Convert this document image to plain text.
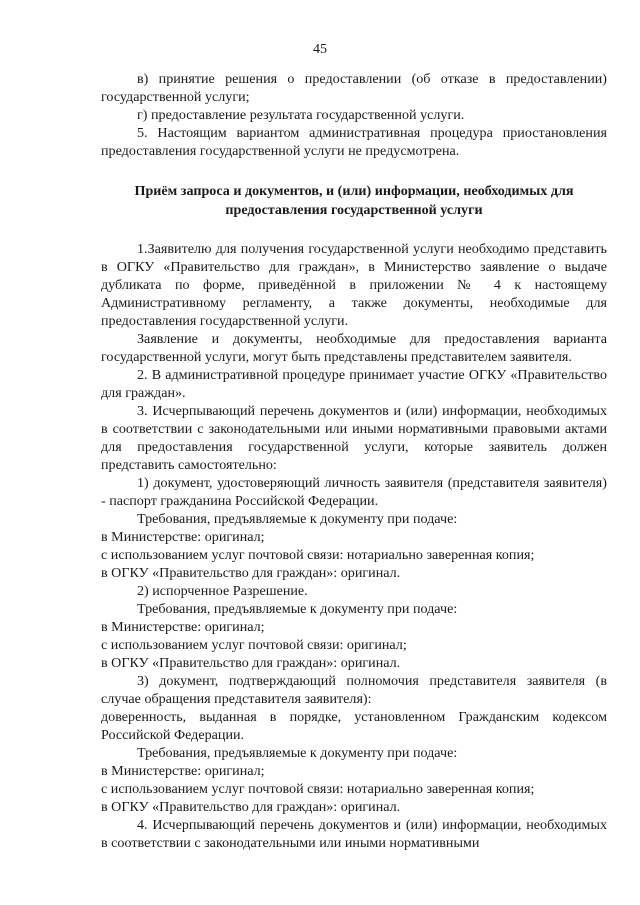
45

в) принятие решения о предоставлении (об отказе в предоставлении) государственной услуги;

г) предоставление результата государственной услуги.

5. Настоящим вариантом административная процедура приостановления предоставления государственной услуги не предусмотрена.

Приём запроса и документов, и (или) информации, необходимых для предоставления государственной услуги

1.Заявителю для получения государственной услуги необходимо представить в ОГКУ «Правительство для граждан», в Министерство заявление о выдаче дубликата по форме, приведённой в приложении № 4 к настоящему Административному регламенту, а также документы, необходимые для предоставления государственной услуги.

Заявление и документы, необходимые для предоставления варианта государственной услуги, могут быть представлены представителем заявителя.

2. В административной процедуре принимает участие ОГКУ «Правительство для граждан».

3. Исчерпывающий перечень документов и (или) информации, необходимых в соответствии с законодательными или иными нормативными правовыми актами для предоставления государственной услуги, которые заявитель должен представить самостоятельно:

1) документ, удостоверяющий личность заявителя (представителя заявителя) - паспорт гражданина Российской Федерации.

Требования, предъявляемые к документу при подаче:

в Министерстве: оригинал;

с использованием услуг почтовой связи: нотариально заверенная копия;

в ОГКУ «Правительство для граждан»: оригинал.

2) испорченное Разрешение.

Требования, предъявляемые к документу при подаче:

в Министерстве: оригинал;

с использованием услуг почтовой связи: оригинал;

в ОГКУ «Правительство для граждан»: оригинал.

3) документ, подтверждающий полномочия представителя заявителя (в случае обращения представителя заявителя):

доверенность, выданная в порядке, установленном Гражданским кодексом Российской Федерации.

Требования, предъявляемые к документу при подаче:

в Министерстве: оригинал;

с использованием услуг почтовой связи: нотариально заверенная копия;

в ОГКУ «Правительство для граждан»: оригинал.

4. Исчерпывающий перечень документов и (или) информации, необходимых в соответствии с законодательными или иными нормативными
